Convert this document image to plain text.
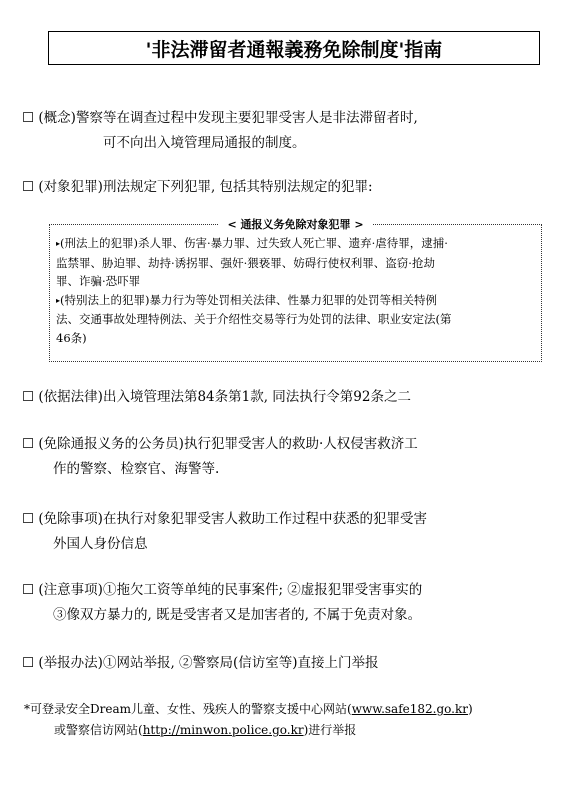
'非法滞留者通報義務免除制度'指南
☐ (概念)警察等在调查过程中发现主要犯罪受害人是非法滞留者时,
可不向出入境管理局通报的制度。
☐ (对象犯罪)刑法规定下列犯罪, 包括其特别法规定的犯罪:
< 通报义务免除对象犯罪 >
▸(刑法上的犯罪)杀人罪、伤害·暴力罪、过失致人死亡罪、遗弃·虐待罪，逮捕·
监禁罪、胁迫罪、劫持·诱拐罪、强奸·猥亵罪、妨碍行使权利罪、盗窃·抢劫
罪、诈骗·恐吓罪
▸(特别法上的犯罪)暴力行为等处罚相关法律、性暴力犯罪的处罚等相关特例
法、交通事故处理特例法、关于介绍性交易等行为处罚的法律、职业安定法(第
46条)
☐ (依据法律)出入境管理法第84条第1款, 同法执行令第92条之二
☐ (免除通报义务的公务员)执行犯罪受害人的救助·人权侵害救济工
作的警察、检察官、海警等.
☐ (免除事项)在执行对象犯罪受害人救助工作过程中获悉的犯罪受害
外国人身份信息
☐ (注意事项)①拖欠工资等单纯的民事案件; ②虚报犯罪受害事实的
③像双方暴力的, 既是受害者又是加害者的, 不属于免责对象。
☐ (举报办法)①网站举报, ②警察局(信访室等)直接上门举报
*可登录安全Dream儿童、女性、残疾人的警察支援中心网站(www.safe182.go.kr)
或警察信访网站(http://minwon.police.go.kr)进行举报
